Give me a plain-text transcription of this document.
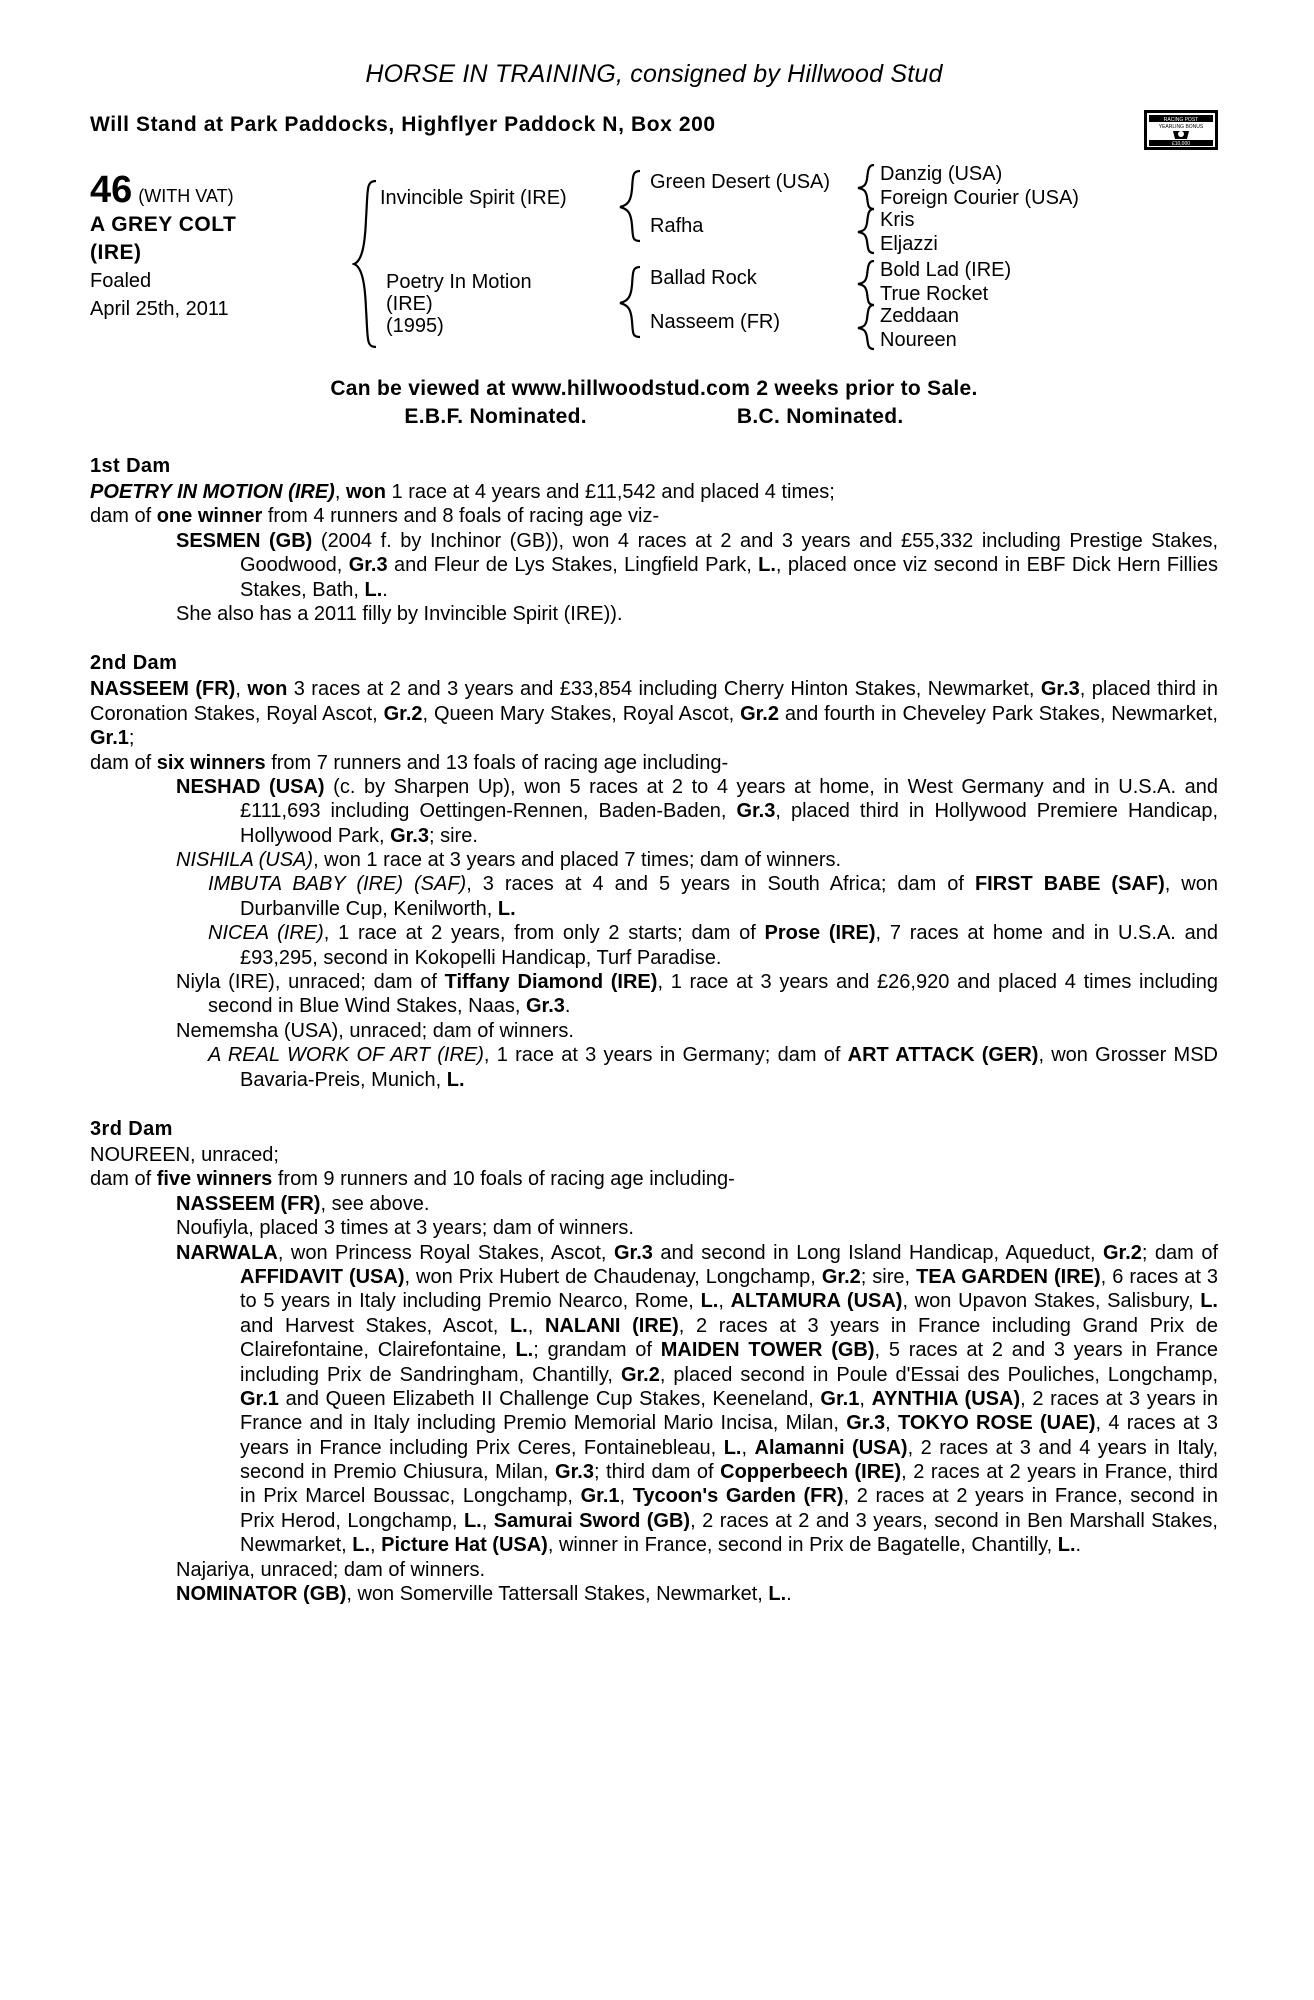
HORSE IN TRAINING, consigned by Hillwood Stud
Will Stand at Park Paddocks, Highflyer Paddock N, Box 200	RACING POST
YEARLING BONUS
£10,000
46 (WITH VAT)
A GREY COLT
(IRE)
Foaled
April 25th, 2011
Invincible Spirit (IRE)
Poetry In Motion
(IRE)
(1995)
Green Desert (USA)
Rafha
Ballad Rock
Nasseem (FR)
Danzig (USA)
Foreign Courier (USA)
Kris
Eljazzi
Bold Lad (IRE)
True Rocket
Zeddaan
Noureen
Can be viewed at www.hillwoodstud.com 2 weeks prior to Sale.
E.B.F. Nominated.	B.C. Nominated.
1st Dam

POETRY IN MOTION (IRE), won 1 race at 4 years and £11,542 and placed 4 times;

dam of one winner from 4 runners and 8 foals of racing age viz-

SESMEN (GB) (2004 f. by Inchinor (GB)), won 4 races at 2 and 3 years and £55,332 including Prestige Stakes, Goodwood, Gr.3 and Fleur de Lys Stakes, Lingfield Park, L., placed once viz second in EBF Dick Hern Fillies Stakes, Bath, L..

She also has a 2011 filly by Invincible Spirit (IRE)).

2nd Dam

NASSEEM (FR), won 3 races at 2 and 3 years and £33,854 including Cherry Hinton Stakes, Newmarket, Gr.3, placed third in Coronation Stakes, Royal Ascot, Gr.2, Queen Mary Stakes, Royal Ascot, Gr.2 and fourth in Cheveley Park Stakes, Newmarket, Gr.1;

dam of six winners from 7 runners and 13 foals of racing age including-

NESHAD (USA) (c. by Sharpen Up), won 5 races at 2 to 4 years at home, in West Germany and in U.S.A. and £111,693 including Oettingen-Rennen, Baden-Baden, Gr.3, placed third in Hollywood Premiere Handicap, Hollywood Park, Gr.3; sire.

NISHILA (USA), won 1 race at 3 years and placed 7 times; dam of winners.

IMBUTA BABY (IRE) (SAF), 3 races at 4 and 5 years in South Africa; dam of FIRST BABE (SAF), won Durbanville Cup, Kenilworth, L.

NICEA (IRE), 1 race at 2 years, from only 2 starts; dam of Prose (IRE), 7 races at home and in U.S.A. and £93,295, second in Kokopelli Handicap, Turf Paradise.

Niyla (IRE), unraced; dam of Tiffany Diamond (IRE), 1 race at 3 years and £26,920 and placed 4 times including second in Blue Wind Stakes, Naas, Gr.3.

Nememsha (USA), unraced; dam of winners.

A REAL WORK OF ART (IRE), 1 race at 3 years in Germany; dam of ART ATTACK (GER), won Grosser MSD Bavaria-Preis, Munich, L.

3rd Dam

NOUREEN, unraced;

dam of five winners from 9 runners and 10 foals of racing age including-

NASSEEM (FR), see above.

Noufiyla, placed 3 times at 3 years; dam of winners.

NARWALA, won Princess Royal Stakes, Ascot, Gr.3 and second in Long Island Handicap, Aqueduct, Gr.2; dam of AFFIDAVIT (USA), won Prix Hubert de Chaudenay, Longchamp, Gr.2; sire, TEA GARDEN (IRE), 6 races at 3 to 5 years in Italy including Premio Nearco, Rome, L., ALTAMURA (USA), won Upavon Stakes, Salisbury, L. and Harvest Stakes, Ascot, L., NALANI (IRE), 2 races at 3 years in France including Grand Prix de Clairefontaine, Clairefontaine, L.; grandam of MAIDEN TOWER (GB), 5 races at 2 and 3 years in France including Prix de Sandringham, Chantilly, Gr.2, placed second in Poule d'Essai des Pouliches, Longchamp, Gr.1 and Queen Elizabeth II Challenge Cup Stakes, Keeneland, Gr.1, AYNTHIA (USA), 2 races at 3 years in France and in Italy including Premio Memorial Mario Incisa, Milan, Gr.3, TOKYO ROSE (UAE), 4 races at 3 years in France including Prix Ceres, Fontainebleau, L., Alamanni (USA), 2 races at 3 and 4 years in Italy, second in Premio Chiusura, Milan, Gr.3; third dam of Copperbeech (IRE), 2 races at 2 years in France, third in Prix Marcel Boussac, Longchamp, Gr.1, Tycoon's Garden (FR), 2 races at 2 years in France, second in Prix Herod, Longchamp, L., Samurai Sword (GB), 2 races at 2 and 3 years, second in Ben Marshall Stakes, Newmarket, L., Picture Hat (USA), winner in France, second in Prix de Bagatelle, Chantilly, L..

Najariya, unraced; dam of winners.

NOMINATOR (GB), won Somerville Tattersall Stakes, Newmarket, L..
